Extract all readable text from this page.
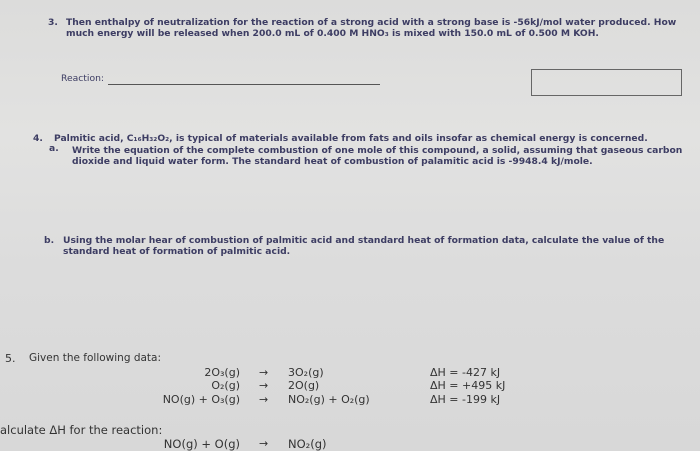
3. Then enthalpy of neutralization for the reaction of a strong acid with a strong base is -56kJ/mol water produced. How
much energy will be released when 200.0 mL of 0.400 M HNO₃ is mixed with 150.0 mL of 0.500 M KOH.
Reaction:
4. Palmitic acid, C₁₆H₃₂O₂, is typical of materials available from fats and oils insofar as chemical energy is concerned.
a. Write the equation of the complete combustion of one mole of this compound, a solid, assuming that gaseous carbon
dioxide and liquid water form. The standard heat of combustion of palamitic acid is -9948.4 kJ/mole.
b. Using the molar hear of combustion of palmitic acid and standard heat of formation data, calculate the value of the
standard heat of formation of palmitic acid.
5. Given the following data:
2O₃(g) → 3O₂(g)	ΔH = -427 kJ
O₂(g) → 2O(g)	ΔH = +495 kJ
NO(g) + O₃(g) → NO₂(g) + O₂(g)	ΔH = -199 kJ
alculate ΔH for the reaction:
NO(g) + O(g) → NO₂(g)
